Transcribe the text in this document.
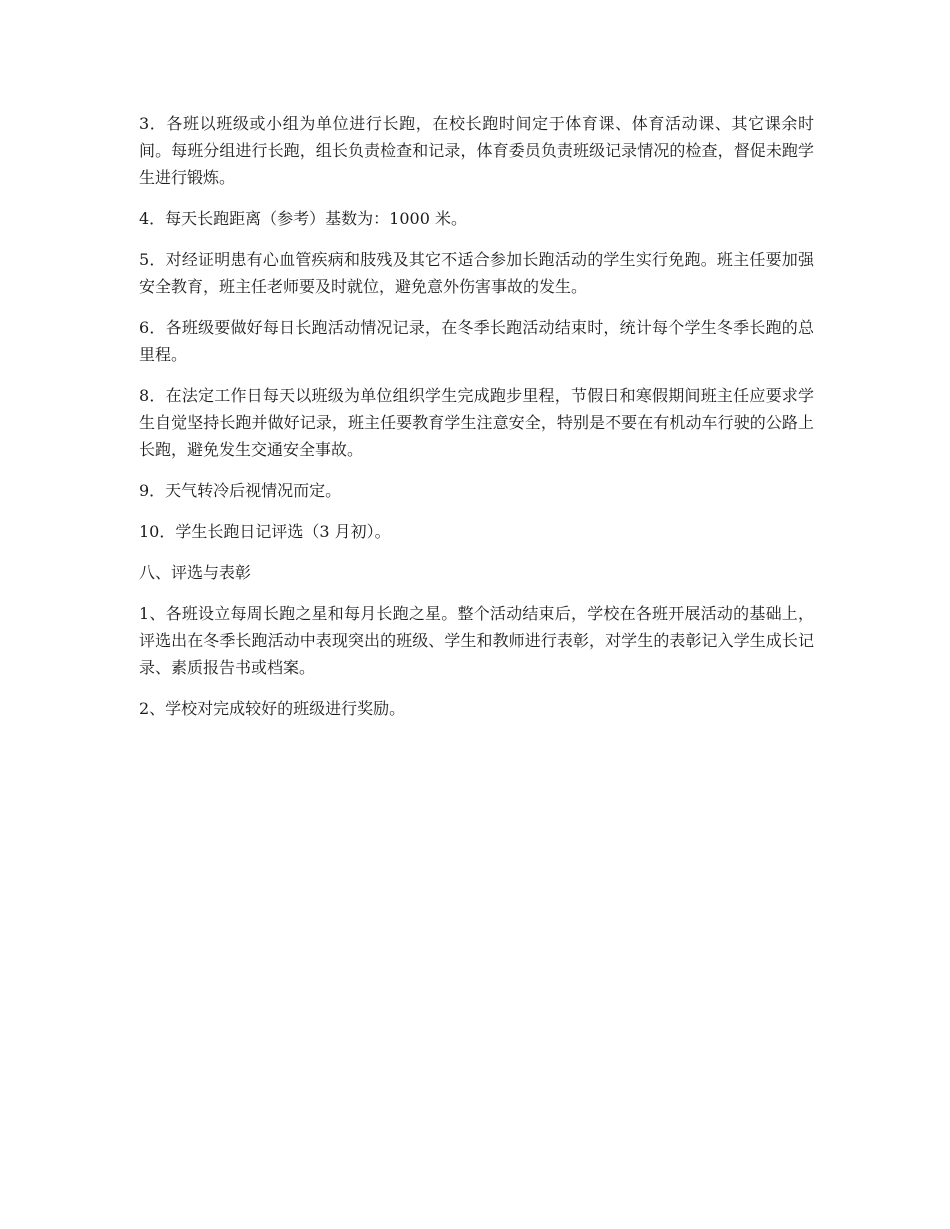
3．各班以班级或小组为单位进行长跑，在校长跑时间定于体育课、体育活动课、其它课余时间。每班分组进行长跑，组长负责检查和记录，体育委员负责班级记录情况的检查，督促未跑学生进行锻炼。

4．每天长跑距离（参考）基数为：1000 米。

5．对经证明患有心血管疾病和肢残及其它不适合参加长跑活动的学生实行免跑。班主任要加强安全教育，班主任老师要及时就位，避免意外伤害事故的发生。

6．各班级要做好每日长跑活动情况记录，在冬季长跑活动结束时，统计每个学生冬季长跑的总里程。

8．在法定工作日每天以班级为单位组织学生完成跑步里程，节假日和寒假期间班主任应要求学生自觉坚持长跑并做好记录，班主任要教育学生注意安全，特别是不要在有机动车行驶的公路上长跑，避免发生交通安全事故。

9．天气转冷后视情况而定。

10．学生长跑日记评选（3 月初）。

八、评选与表彰

1、各班设立每周长跑之星和每月长跑之星。整个活动结束后，学校在各班开展活动的基础上，评选出在冬季长跑活动中表现突出的班级、学生和教师进行表彰，对学生的表彰记入学生成长记录、素质报告书或档案。

2、学校对完成较好的班级进行奖励。
